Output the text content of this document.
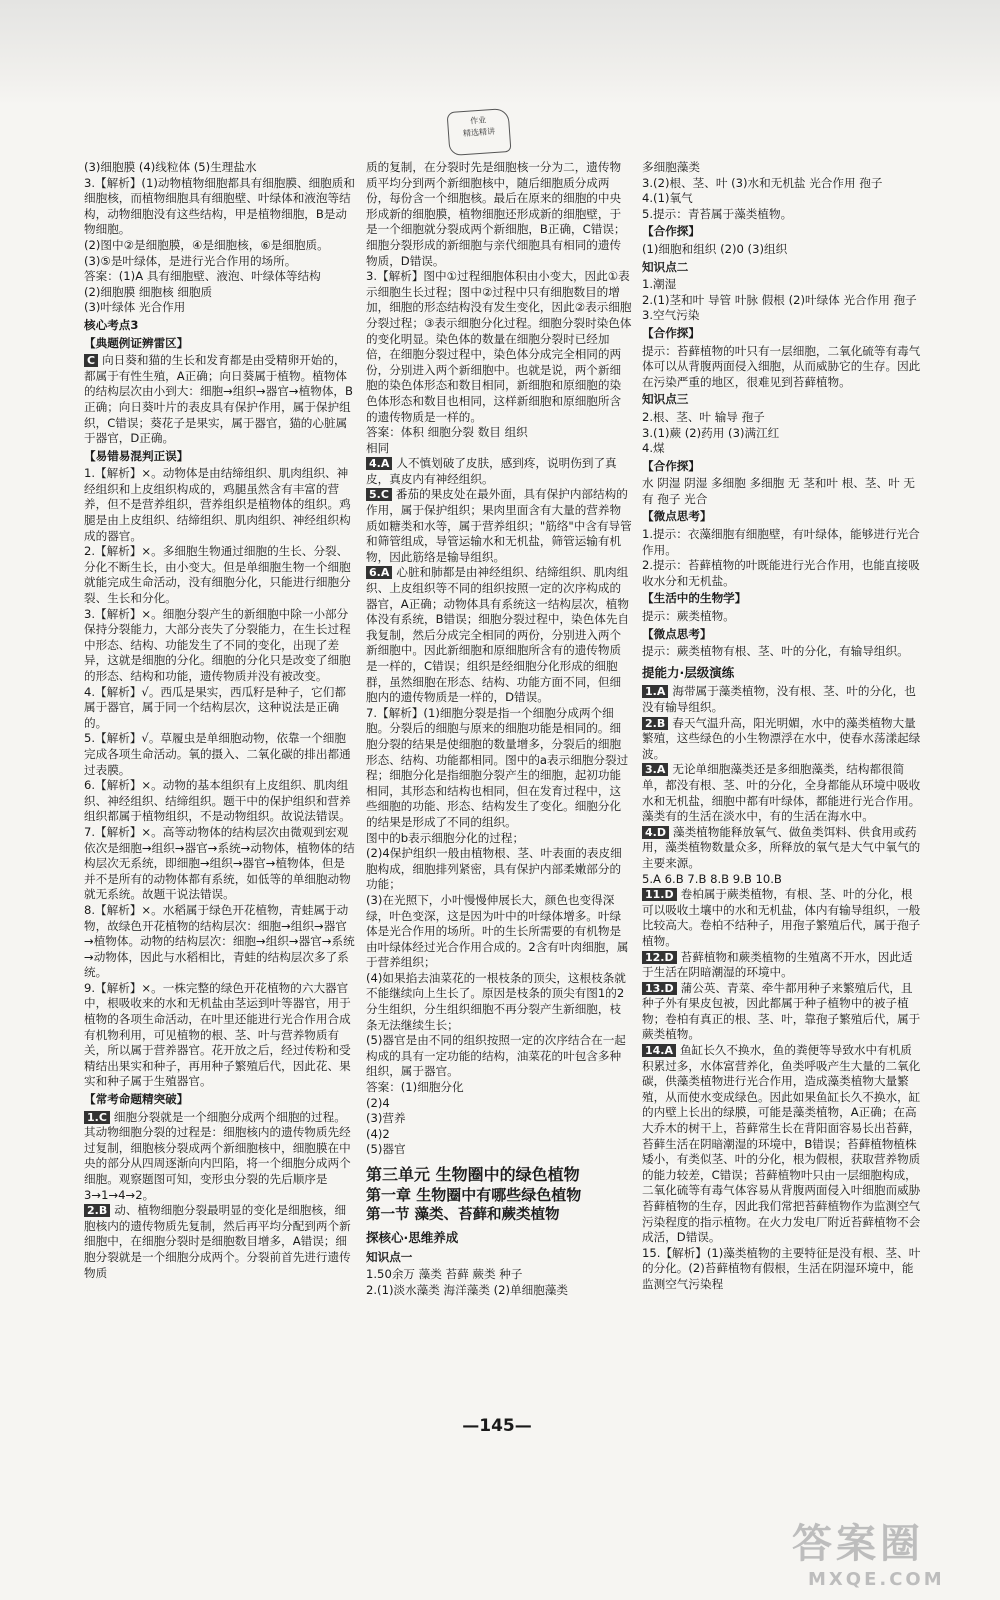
作业
精选精讲
(3)细胞膜 (4)线粒体 (5)生理盐水
3.【解析】(1)动物植物细胞都具有细胞膜、细胞质和细胞核，而植物细胞具有细胞壁、叶绿体和液泡等结构，动物细胞没有这些结构，甲是植物细胞，B是动物细胞。
(2)图中②是细胞膜，④是细胞核，⑥是细胞质。
(3)⑤是叶绿体，是进行光合作用的场所。
答案：(1)A 具有细胞壁、液泡、叶绿体等结构
(2)细胞膜 细胞核 细胞质
(3)叶绿体 光合作用
核心考点3
【典题例证辨雷区】
C 向日葵和猫的生长和发育都是由受精卵开始的，都属于有性生殖，A正确；向日葵属于植物。植物体的结构层次由小到大：细胞→组织→器官→植物体，B正确；向日葵叶片的表皮具有保护作用，属于保护组织，C错误；葵花子是果实，属于器官，猫的心脏属于器官，D正确。
【易错易混判正误】
1.【解析】×。动物体是由结缔组织、肌肉组织、神经组织和上皮组织构成的，鸡腿虽然含有丰富的营养，但不是营养组织，营养组织是植物体的组织。鸡腿是由上皮组织、结缔组织、肌肉组织、神经组织构成的器官。
2.【解析】×。多细胞生物通过细胞的生长、分裂、分化不断生长，由小变大。但是单细胞生物一个细胞就能完成生命活动，没有细胞分化，只能进行细胞分裂、生长和分化。
3.【解析】×。细胞分裂产生的新细胞中除一小部分保持分裂能力，大部分丧失了分裂能力，在生长过程中形态、结构、功能发生了不同的变化，出现了差异，这就是细胞的分化。细胞的分化只是改变了细胞的形态、结构和功能，遗传物质并没有被改变。
4.【解析】√。西瓜是果实，西瓜籽是种子，它们都属于器官，属于同一个结构层次，这种说法是正确的。
5.【解析】√。草履虫是单细胞动物，依靠一个细胞完成各项生命活动。氧的摄入、二氧化碳的排出都通过表膜。
6.【解析】×。动物的基本组织有上皮组织、肌肉组织、神经组织、结缔组织。题干中的保护组织和营养组织都属于植物组织，不是动物组织。故说法错误。
7.【解析】×。高等动物体的结构层次由微观到宏观依次是细胞→组织→器官→系统→动物体，植物体的结构层次无系统，即细胞→组织→器官→植物体，但是并不是所有的动物体都有系统，如低等的单细胞动物就无系统。故题干说法错误。
8.【解析】×。水稻属于绿色开花植物，青蛙属于动物，故绿色开花植物的结构层次：细胞→组织→器官→植物体。动物的结构层次：细胞→组织→器官→系统→动物体，因此与水稻相比，青蛙的结构层次多了系统。
9.【解析】×。一株完整的绿色开花植物的六大器官中，根吸收来的水和无机盐由茎运到叶等器官，用于植物的各项生命活动，在叶里还能进行光合作用合成有机物利用，可见植物的根、茎、叶与营养物质有关，所以属于营养器官。花开放之后，经过传粉和受精结出果实和种子，再用种子繁殖后代，因此花、果实和种子属于生殖器官。
【常考命题精突破】
1.C 细胞分裂就是一个细胞分成两个细胞的过程。其动物细胞分裂的过程是：细胞核内的遗传物质先经过复制，细胞核分裂成两个新细胞核中，细胞膜在中央的部分从四周逐渐向内凹陷，将一个细胞分成两个细胞。观察题图可知，变形虫分裂的先后顺序是3→1→4→2。
2.B 动、植物细胞分裂最明显的变化是细胞核，细胞核内的遗传物质先复制，然后再平均分配到两个新细胞中，在细胞分裂时是细胞数目增多，A错误；细胞分裂就是一个细胞分成两个。分裂前首先进行遗传物质
质的复制，在分裂时先是细胞核一分为二，遗传物质平均分到两个新细胞核中，随后细胞质分成两份，每份含一个细胞核。最后在原来的细胞的中央形成新的细胞膜，植物细胞还形成新的细胞壁，于是一个细胞就分裂成两个新细胞，B正确，C错误；细胞分裂形成的新细胞与亲代细胞具有相同的遗传物质，D错误。
3.【解析】图中①过程细胞体积由小变大，因此①表示细胞生长过程；图中②过程中只有细胞数目的增加，细胞的形态结构没有发生变化，因此②表示细胞分裂过程；③表示细胞分化过程。细胞分裂时染色体的变化明显。染色体的数量在细胞分裂时已经加倍，在细胞分裂过程中，染色体分成完全相同的两份，分别进入两个新细胞中。也就是说，两个新细胞的染色体形态和数目相同，新细胞和原细胞的染色体形态和数目也相同，这样新细胞和原细胞所含的遗传物质是一样的。
答案：体积 细胞分裂 数目 组织
相同
4.A 人不慎划破了皮肤，感到疼，说明伤到了真皮，真皮内有神经组织。
5.C 番茄的果皮处在最外面，具有保护内部结构的作用，属于保护组织；果肉里面含有大量的营养物质如糖类和水等，属于营养组织；"筋络"中含有导管和筛管组成，导管运输水和无机盐，筛管运输有机物，因此筋络是输导组织。
6.A 心脏和肺都是由神经组织、结缔组织、肌肉组织、上皮组织等不同的组织按照一定的次序构成的器官，A正确；动物体具有系统这一结构层次，植物体没有系统，B错误；细胞分裂过程中，染色体先自我复制，然后分成完全相同的两份，分别进入两个新细胞中。因此新细胞和原细胞所含有的遗传物质是一样的，C错误；组织是经细胞分化形成的细胞群，虽然细胞在形态、结构、功能方面不同，但细胞内的遗传物质是一样的，D错误。
7.【解析】(1)细胞分裂是指一个细胞分成两个细胞。分裂后的细胞与原来的细胞功能是相同的。细胞分裂的结果是使细胞的数量增多，分裂后的细胞形态、结构、功能都相同。图中的a表示细胞分裂过程；细胞分化是指细胞分裂产生的细胞，起初功能相同，其形态和结构也相同，但在发育过程中，这些细胞的功能、形态、结构发生了变化。细胞分化的结果是形成了不同的组织。
图中的b表示细胞分化的过程；
(2)4保护组织一般由植物根、茎、叶表面的表皮细胞构成，细胞排列紧密，具有保护内部柔嫩部分的功能；
(3)在光照下，小叶慢慢伸展长大，颜色也变得深绿，叶色变深，这是因为叶中的叶绿体增多。叶绿体是光合作用的场所。叶的生长所需要的有机物是由叶绿体经过光合作用合成的。2含有叶肉细胞，属于营养组织；
(4)如果掐去油菜花的一根枝条的顶尖，这根枝条就不能继续向上生长了。原因是枝条的顶尖有图1的2分生组织，分生组织细胞不再分裂产生新细胞，枝条无法继续生长；
(5)器官是由不同的组织按照一定的次序结合在一起构成的具有一定功能的结构，油菜花的叶包含多种组织，属于器官。
答案：(1)细胞分化
(2)4
(3)营养
(4)2
(5)器官
第三单元 生物圈中的绿色植物
第一章 生物圈中有哪些绿色植物
第一节 藻类、苔藓和蕨类植物
探核心·思维养成
知识点一
1.50余万 藻类 苔藓 蕨类 种子
2.(1)淡水藻类 海洋藻类 (2)单细胞藻类
多细胞藻类
3.(2)根、茎、叶 (3)水和无机盐 光合作用 孢子
4.(1)氧气
5.提示：青苔属于藻类植物。
【合作探】
(1)细胞和组织 (2)0 (3)组织
知识点二
1.潮湿
2.(1)茎和叶 导管 叶脉 假根 (2)叶绿体 光合作用 孢子
3.空气污染
【合作探】
提示：苔藓植物的叶只有一层细胞，二氧化硫等有毒气体可以从背腹两面侵入细胞，从而威胁它的生存。因此在污染严重的地区，很难见到苔藓植物。
知识点三
2.根、茎、叶 输导 孢子
3.(1)蕨 (2)药用 (3)满江红
4.煤
【合作探】
水 阴湿 阴湿 多细胞 多细胞 无 茎和叶 根、茎、叶 无 有 孢子 光合
【微点思考】
1.提示：衣藻细胞有细胞壁，有叶绿体，能够进行光合作用。
2.提示：苔藓植物的叶既能进行光合作用，也能直接吸收水分和无机盐。
【生活中的生物学】
提示：蕨类植物。
【微点思考】
提示：蕨类植物有根、茎、叶的分化，有输导组织。
提能力·层级演练
1.A 海带属于藻类植物，没有根、茎、叶的分化，也没有输导组织。
2.B 春天气温升高，阳光明媚，水中的藻类植物大量繁殖，这些绿色的小生物漂浮在水中，使春水荡漾起绿波。
3.A 无论单细胞藻类还是多细胞藻类，结构都很简单，都没有根、茎、叶的分化，全身都能从环境中吸收水和无机盐，细胞中都有叶绿体，都能进行光合作用。藻类有的生活在淡水中，有的生活在海水中。
4.D 藻类植物能释放氧气、做鱼类饵料、供食用或药用，藻类植物数量众多，所释放的氧气是大气中氧气的主要来源。
5.A 6.B 7.B 8.B 9.B 10.B
11.D 卷柏属于蕨类植物，有根、茎、叶的分化，根可以吸收土壤中的水和无机盐，体内有输导组织，一般比较高大。卷柏不结种子，用孢子繁殖后代，属于孢子植物。
12.D 苔藓植物和蕨类植物的生殖离不开水，因此适于生活在阴暗潮湿的环境中。
13.D 蒲公英、青菜、牵牛都用种子来繁殖后代，且种子外有果皮包被，因此都属于种子植物中的被子植物；卷柏有真正的根、茎、叶，靠孢子繁殖后代，属于蕨类植物。
14.A 鱼缸长久不换水，鱼的粪便等导致水中有机质积累过多，水体富营养化，鱼类呼吸产生大量的二氧化碳，供藻类植物进行光合作用，造成藻类植物大量繁殖，从而使水变成绿色。因此如果鱼缸长久不换水，缸的内壁上长出的绿膜，可能是藻类植物，A正确；在高大乔木的树干上，苔藓常生长在背阳面容易长出苔藓，苔藓生活在阴暗潮湿的环境中，B错误；苔藓植物植株矮小，有类似茎、叶的分化，根为假根，获取营养物质的能力较差，C错误；苔藓植物叶只由一层细胞构成，二氧化硫等有毒气体容易从背腹两面侵入叶细胞而威胁苔藓植物的生存，因此我们常把苔藓植物作为监测空气污染程度的指示植物。在火力发电厂附近苔藓植物不会成活，D错误。
15.【解析】(1)藻类植物的主要特征是没有根、茎、叶的分化。(2)苔藓植物有假根，生活在阴湿环境中，能监测空气污染程
—145—
答案圈
MXQE.COM
